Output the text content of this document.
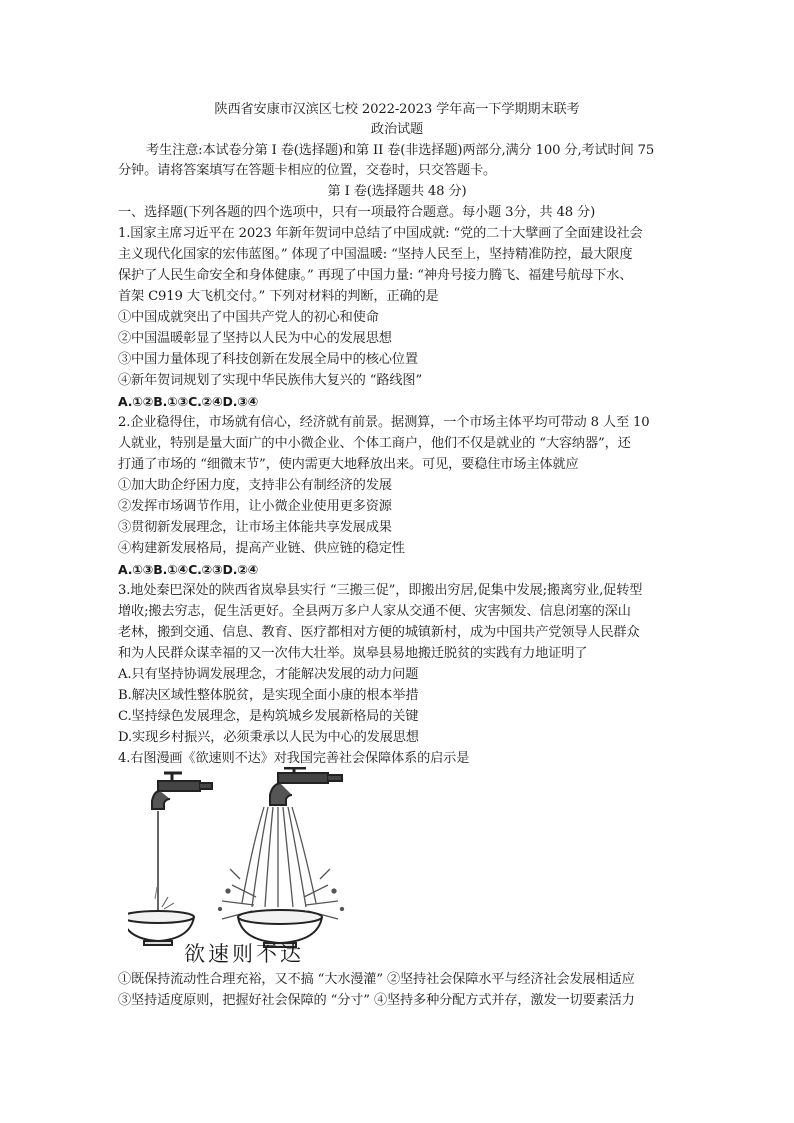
陕西省安康市汉滨区七校 2022-2023 学年高一下学期期末联考
政治试题
考生注意:本试卷分第 I 卷(选择题)和第 II 卷(非选择题)两部分,满分 100 分,考试时间 75
分钟。请将答案填写在答题卡相应的位置，交卷时，只交答题卡。
第 I 卷(选择题共 48 分)
一、选择题(下列各题的四个选项中，只有一项最符合题意。每小题 3分，共 48 分)
1.国家主席习近平在 2023 年新年贺词中总结了中国成就: “党的二十大擘画了全面建设社会
主义现代化国家的宏伟蓝图。” 体现了中国温暖: “坚持人民至上，坚持精准防控，最大限度
保护了人民生命安全和身体健康。” 再现了中国力量: “神舟号接力腾飞、福建号航母下水、
首架 C919 大飞机交付。” 下列对材料的判断，正确的是
①中国成就突出了中国共产党人的初心和使命
②中国温暖彰显了坚持以人民为中心的发展思想
③中国力量体现了科技创新在发展全局中的核心位置
④新年贺词规划了实现中华民族伟大复兴的 “路线图”
A.①②B.①③C.②④D.③④
2.企业稳得住，市场就有信心，经济就有前景。据测算，一个市场主体平均可带动 8 人至 10
人就业，特别是量大面广的中小微企业、个体工商户，他们不仅是就业的 “大容纳器”，还
打通了市场的 “细微末节”，使内需更大地释放出来。可见，要稳住市场主体就应
①加大助企纾困力度，支持非公有制经济的发展
②发挥市场调节作用，让小微企业使用更多资源
③贯彻新发展理念，让市场主体能共享发展成果
④构建新发展格局，提高产业链、供应链的稳定性
A.①③B.①④C.②③D.②④
3.地处秦巴深处的陕西省岚皋县实行 “三搬三促”，即搬出穷居,促集中发展;搬离穷业,促转型
增收;搬去穷志，促生活更好。全县两万多户人家从交通不便、灾害频发、信息闭塞的深山
老林，搬到交通、信息、教育、医疗都相对方便的城镇新村，成为中国共产党领导人民群众
和为人民群众谋幸福的又一次伟大壮举。岚皋县易地搬迁脱贫的实践有力地证明了
A.只有坚持协调发展理念，才能解决发展的动力问题
B.解决区域性整体脱贫，是实现全面小康的根本举措
C.坚持绿色发展理念，是构筑城乡发展新格局的关键
D.实现乡村振兴，必须秉承以人民为中心的发展思想
4.右图漫画《欲速则不达》对我国完善社会保障体系的启示是
欲速则不达
①既保持流动性合理充裕，又不搞 “大水漫灌” ②坚持社会保障水平与经济社会发展相适应
③坚持适度原则，把握好社会保障的 “分寸” ④坚持多种分配方式并存，激发一切要素活力
